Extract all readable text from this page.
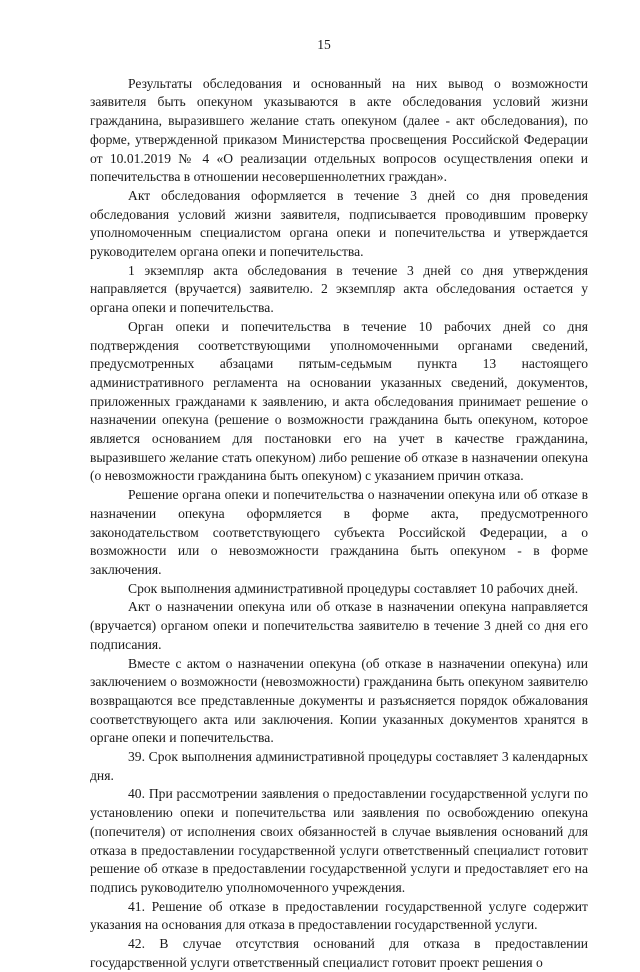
15

Результаты обследования и основанный на них вывод о возможности заявителя быть опекуном указываются в акте обследования условий жизни гражданина, выразившего желание стать опекуном (далее - акт обследования), по форме, утвержденной приказом Министерства просвещения Российской Федерации от 10.01.2019 № 4 «О реализации отдельных вопросов осуществления опеки и попечительства в отношении несовершеннолетних граждан».

Акт обследования оформляется в течение 3 дней со дня проведения обследования условий жизни заявителя, подписывается проводившим проверку уполномоченным специалистом органа опеки и попечительства и утверждается руководителем органа опеки и попечительства.

1 экземпляр акта обследования в течение 3 дней со дня утверждения направляется (вручается) заявителю. 2 экземпляр акта обследования остается у органа опеки и попечительства.

Орган опеки и попечительства в течение 10 рабочих дней со дня подтверждения соответствующими уполномоченными органами сведений, предусмотренных абзацами пятым-седьмым пункта 13 настоящего административного регламента на основании указанных сведений, документов, приложенных гражданами к заявлению, и акта обследования принимает решение о назначении опекуна (решение о возможности гражданина быть опекуном, которое является основанием для постановки его на учет в качестве гражданина, выразившего желание стать опекуном) либо решение об отказе в назначении опекуна (о невозможности гражданина быть опекуном) с указанием причин отказа.

Решение органа опеки и попечительства о назначении опекуна или об отказе в назначении опекуна оформляется в форме акта, предусмотренного законодательством соответствующего субъекта Российской Федерации, а о возможности или о невозможности гражданина быть опекуном - в форме заключения.

Срок выполнения административной процедуры составляет 10 рабочих дней.

Акт о назначении опекуна или об отказе в назначении опекуна направляется (вручается) органом опеки и попечительства заявителю в течение 3 дней со дня его подписания.

Вместе с актом о назначении опекуна (об отказе в назначении опекуна) или заключением о возможности (невозможности) гражданина быть опекуном заявителю возвращаются все представленные документы и разъясняется порядок обжалования соответствующего акта или заключения. Копии указанных документов хранятся в органе опеки и попечительства.

39. Срок выполнения административной процедуры составляет 3 календарных дня.

40. При рассмотрении заявления о предоставлении государственной услуги по установлению опеки и попечительства или заявления по освобождению опекуна (попечителя) от исполнения своих обязанностей в случае выявления оснований для отказа в предоставлении государственной услуги ответственный специалист готовит решение об отказе в предоставлении государственной услуги и предоставляет его на подпись руководителю уполномоченного учреждения.

41. Решение об отказе в предоставлении государственной услуге содержит указания на основания для отказа в предоставлении государственной услуги.

42. В случае отсутствия оснований для отказа в предоставлении государственной услуги ответственный специалист готовит проект решения о
